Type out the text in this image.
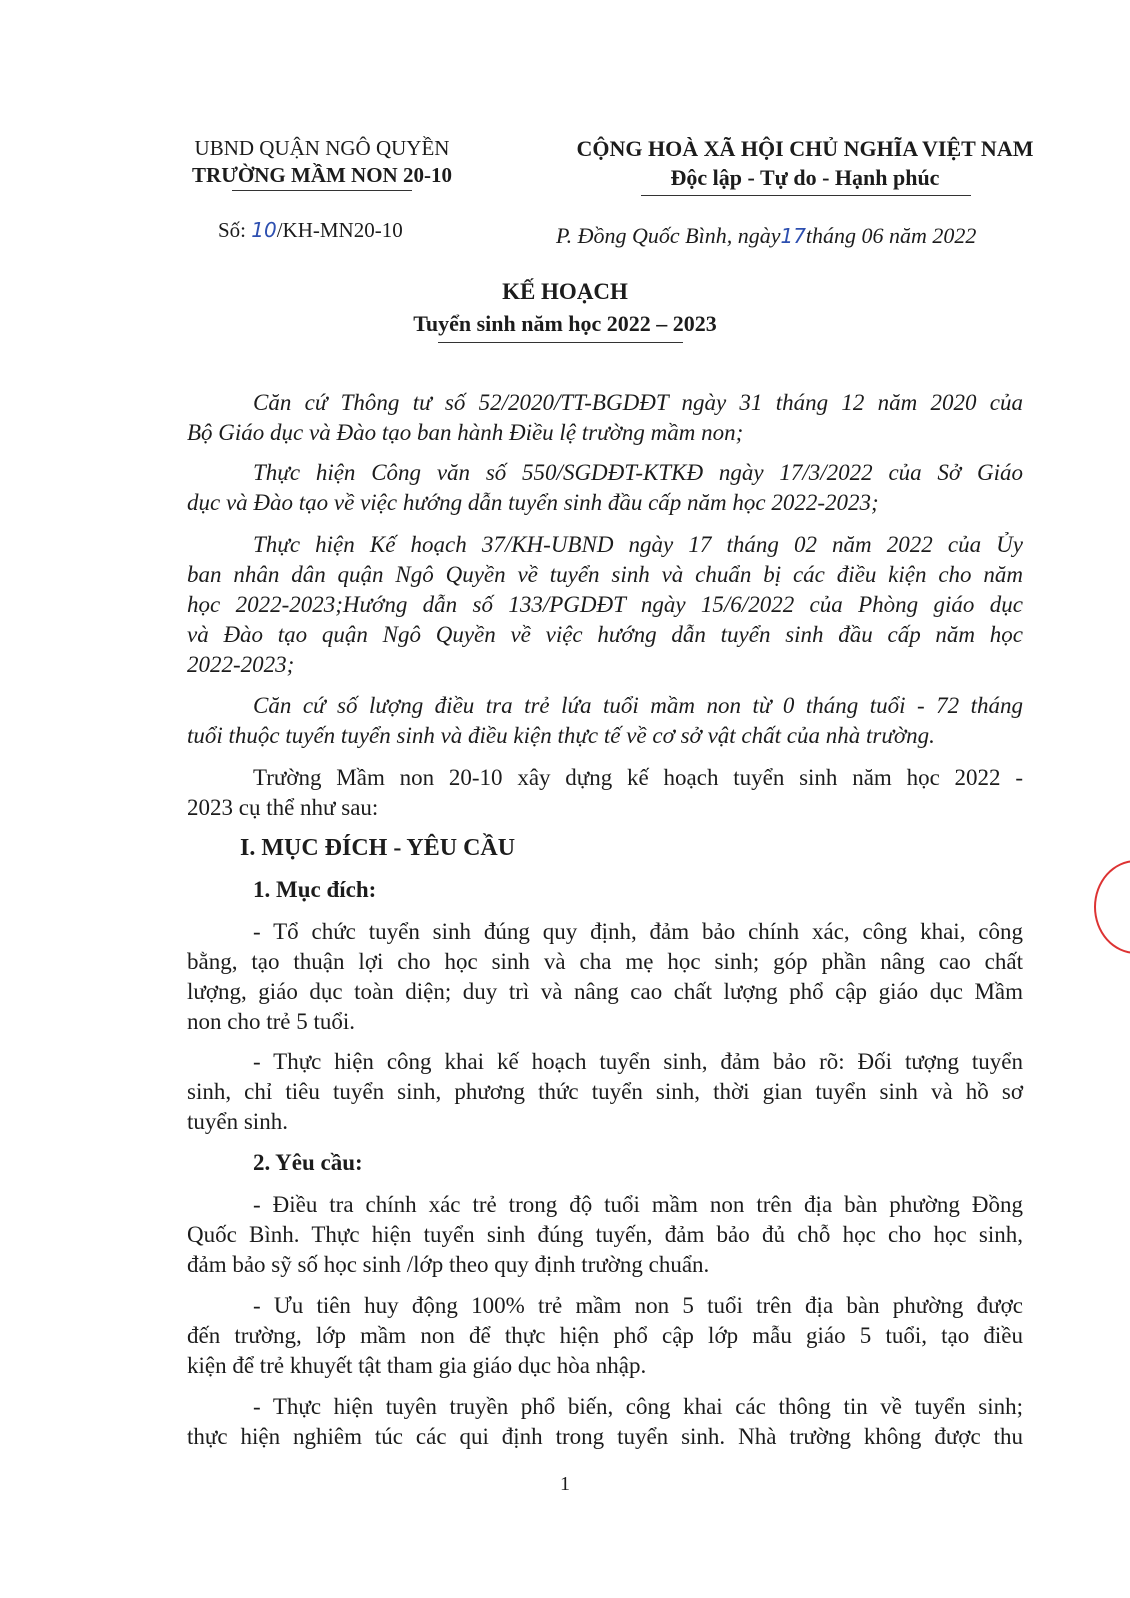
UBND QUẬN NGÔ QUYỀN
TRƯỜNG MẦM NON 20-10
CỘNG HOÀ XÃ HỘI CHỦ NGHĨA VIỆT NAM
Độc lập - Tự do - Hạnh phúc
Số: 10/KH-MN20-10	P. Đồng Quốc Bình, ngày17tháng 06 năm 2022
KẾ HOẠCH
Tuyển sinh năm học 2022 – 2023
Căn cứ Thông tư số 52/2020/TT-BGDĐT ngày 31 tháng 12 năm 2020 của
Bộ Giáo dục và Đào tạo ban hành Điều lệ trường mầm non;
Thực hiện Công văn số 550/SGDĐT-KTKĐ ngày 17/3/2022 của Sở Giáo
dục và Đào tạo về việc hướng dẫn tuyển sinh đầu cấp năm học 2022-2023;
Thực hiện Kế hoạch 37/KH-UBND ngày 17 tháng 02 năm 2022 của Ủy
ban nhân dân quận Ngô Quyền về tuyển sinh và chuẩn bị các điều kiện cho năm
học 2022-2023;Hướng dẫn số 133/PGDĐT ngày 15/6/2022 của Phòng giáo dục
và Đào tạo quận Ngô Quyền về việc hướng dẫn tuyển sinh đầu cấp năm học
2022-2023;
Căn cứ số lượng điều tra trẻ lứa tuổi mầm non từ 0 tháng tuổi - 72 tháng
tuổi thuộc tuyến tuyển sinh và điều kiện thực tế về cơ sở vật chất của nhà trường.
Trường Mầm non 20-10 xây dựng kế hoạch tuyển sinh năm học 2022 -
2023 cụ thể như sau:
I. MỤC ĐÍCH - YÊU CẦU
1. Mục đích:
- Tổ chức tuyển sinh đúng quy định, đảm bảo chính xác, công khai, công
bằng, tạo thuận lợi cho học sinh và cha mẹ học sinh; góp phần nâng cao chất
lượng, giáo dục toàn diện; duy trì và nâng cao chất lượng phổ cập giáo dục Mầm
non cho trẻ 5 tuổi.
- Thực hiện công khai kế hoạch tuyển sinh, đảm bảo rõ: Đối tượng tuyển
sinh, chỉ tiêu tuyển sinh, phương thức tuyển sinh, thời gian tuyển sinh và hồ sơ
tuyển sinh.
2. Yêu cầu:
- Điều tra chính xác trẻ trong độ tuổi mầm non trên địa bàn phường Đồng
Quốc Bình. Thực hiện tuyển sinh đúng tuyến, đảm bảo đủ chỗ học cho học sinh,
đảm bảo sỹ số học sinh /lớp theo quy định trường chuẩn.
- Ưu tiên huy động 100% trẻ mầm non 5 tuổi trên địa bàn phường được
đến trường, lớp mầm non để thực hiện phổ cập lớp mẫu giáo 5 tuổi, tạo điều
kiện để trẻ khuyết tật tham gia giáo dục hòa nhập.
- Thực hiện tuyên truyền phổ biến, công khai các thông tin về tuyển sinh;
thực hiện nghiêm túc các qui định trong tuyển sinh. Nhà trường không được thu
1
